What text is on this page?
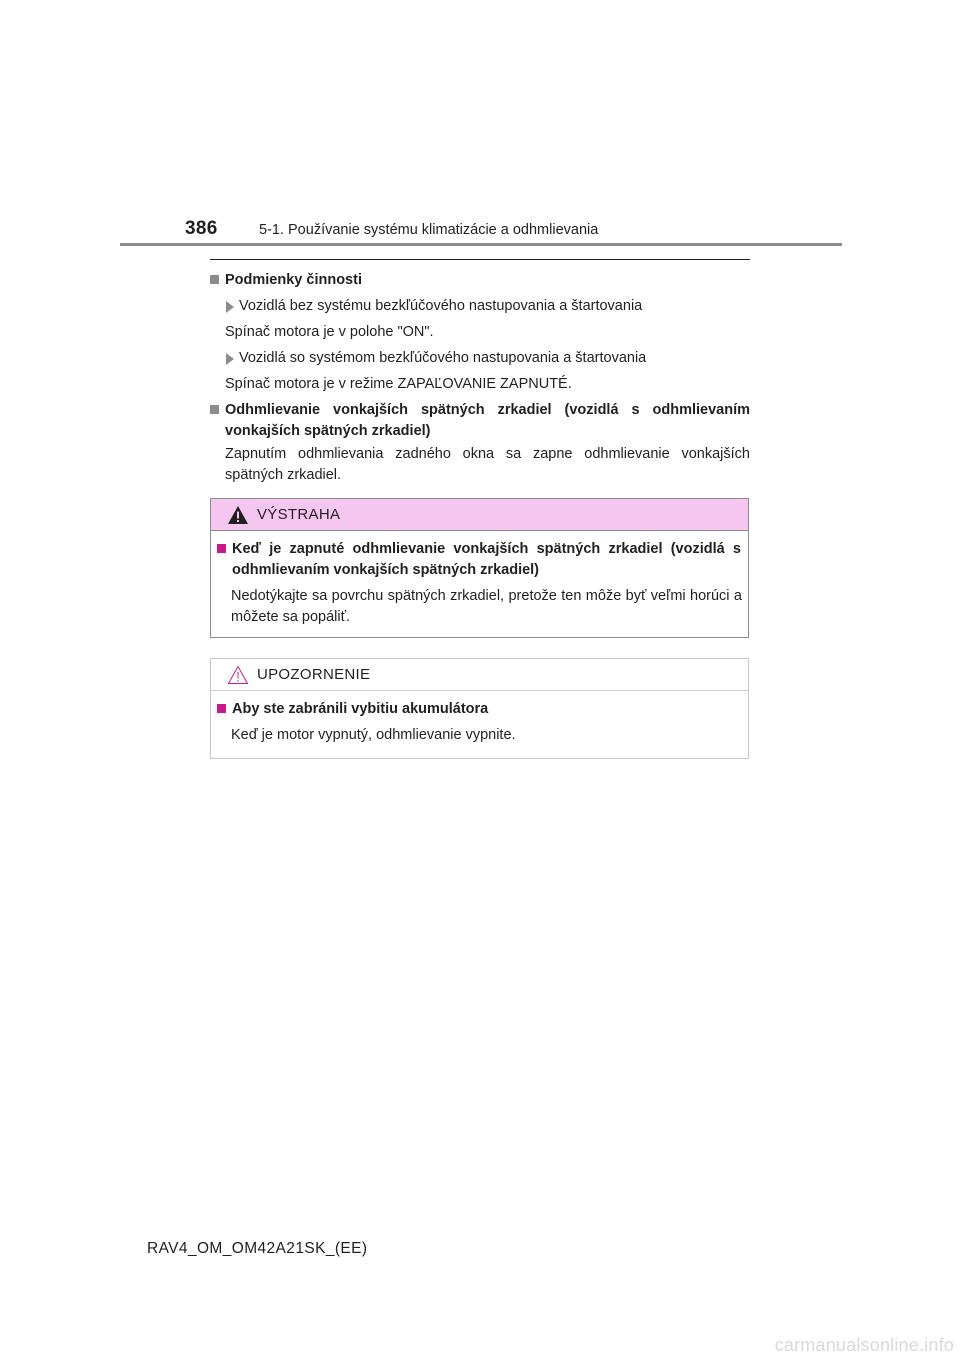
386	5-1. Používanie systému klimatizácie a odhmlievania
Podmienky činnosti
Vozidlá bez systému bezkľúčového nastupovania a štartovania
Spínač motora je v polohe "ON".
Vozidlá so systémom bezkľúčového nastupovania a štartovania
Spínač motora je v režime ZAPAĽOVANIE ZAPNUTÉ.
Odhmlievanie vonkajších spätných zrkadiel (vozidlá s odhmlievaním vonkajších spätných zrkadiel)
Zapnutím odhmlievania zadného okna sa zapne odhmlievanie vonkajších spätných zrkadiel.
VÝSTRAHA
Keď je zapnuté odhmlievanie vonkajších spätných zrkadiel (vozidlá s odhmlievaním vonkajších spätných zrkadiel)
Nedotýkajte sa povrchu spätných zrkadiel, pretože ten môže byť veľmi horúci a môžete sa popáliť.
UPOZORNENIE
Aby ste zabránili vybitiu akumulátora
Keď je motor vypnutý, odhmlievanie vypnite.
RAV4_OM_OM42A21SK_(EE)
carmanualsonline.info
